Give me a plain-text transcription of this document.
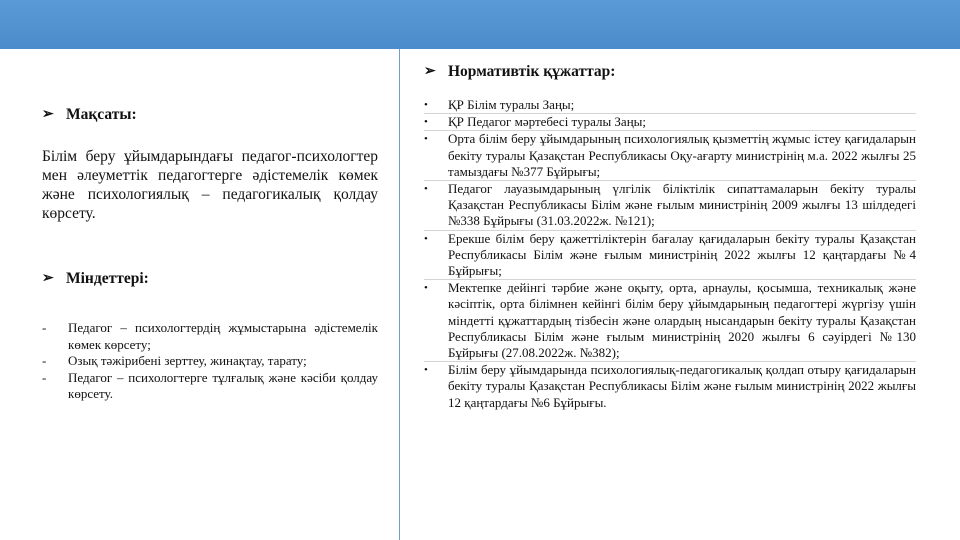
➢ Мақсаты:

Білім беру ұйымдарындағы педагог-психологтер мен әлеуметтік педагогтерге әдістемелік көмек және психологиялық – педагогикалық қолдау көрсету.

➢ Міндеттері:
-	Педагог – психологтердің жұмыстарына әдістемелік көмек көрсету;
-	Озық тәжірибені зерттеу, жинақтау, тарату;
-	Педагог – психологтерге тұлғалық және кәсіби қолдау көрсету.
➢ Нормативтік құжаттар:
•	ҚР Білім туралы Заңы;
•	ҚР Педагог мәртебесі туралы Заңы;
•	Орта білім беру ұйымдарының психологиялық қызметтің жұмыс істеу қағидаларын бекіту туралы Қазақстан Республикасы Оқу-ағарту министрінің м.а. 2022 жылғы 25 тамыздағы №377 Бұйрығы;
•	Педагог лауазымдарының үлгілік біліктілік сипаттамаларын бекіту туралы Қазақстан Республикасы Білім және ғылым министрінің 2009 жылғы 13 шілдедегі №338 Бұйрығы (31.03.2022ж. №121);
•	Ерекше білім беру қажеттіліктерін бағалау қағидаларын бекіту туралы Қазақстан Республикасы Білім және ғылым министрінің 2022 жылғы 12 қаңтардағы №4 Бұйрығы;
•	Мектепке дейінгі тәрбие және оқыту, орта, арнаулы, қосымша, техникалық және кәсіптік, орта білімнен кейінгі білім беру ұйымдарының педагогтері жүргізу үшін міндетті құжаттардың тізбесін және олардың нысандарын бекіту туралы Қазақстан Республикасы Білім және ғылым министрінің 2020 жылғы 6 сәуірдегі №130 Бұйрығы (27.08.2022ж. №382);
•	Білім беру ұйымдарында психологиялық-педагогикалық қолдап отыру қағидаларын бекіту туралы Қазақстан Республикасы Білім және ғылым министрінің 2022 жылғы 12 қаңтардағы №6 Бұйрығы.
